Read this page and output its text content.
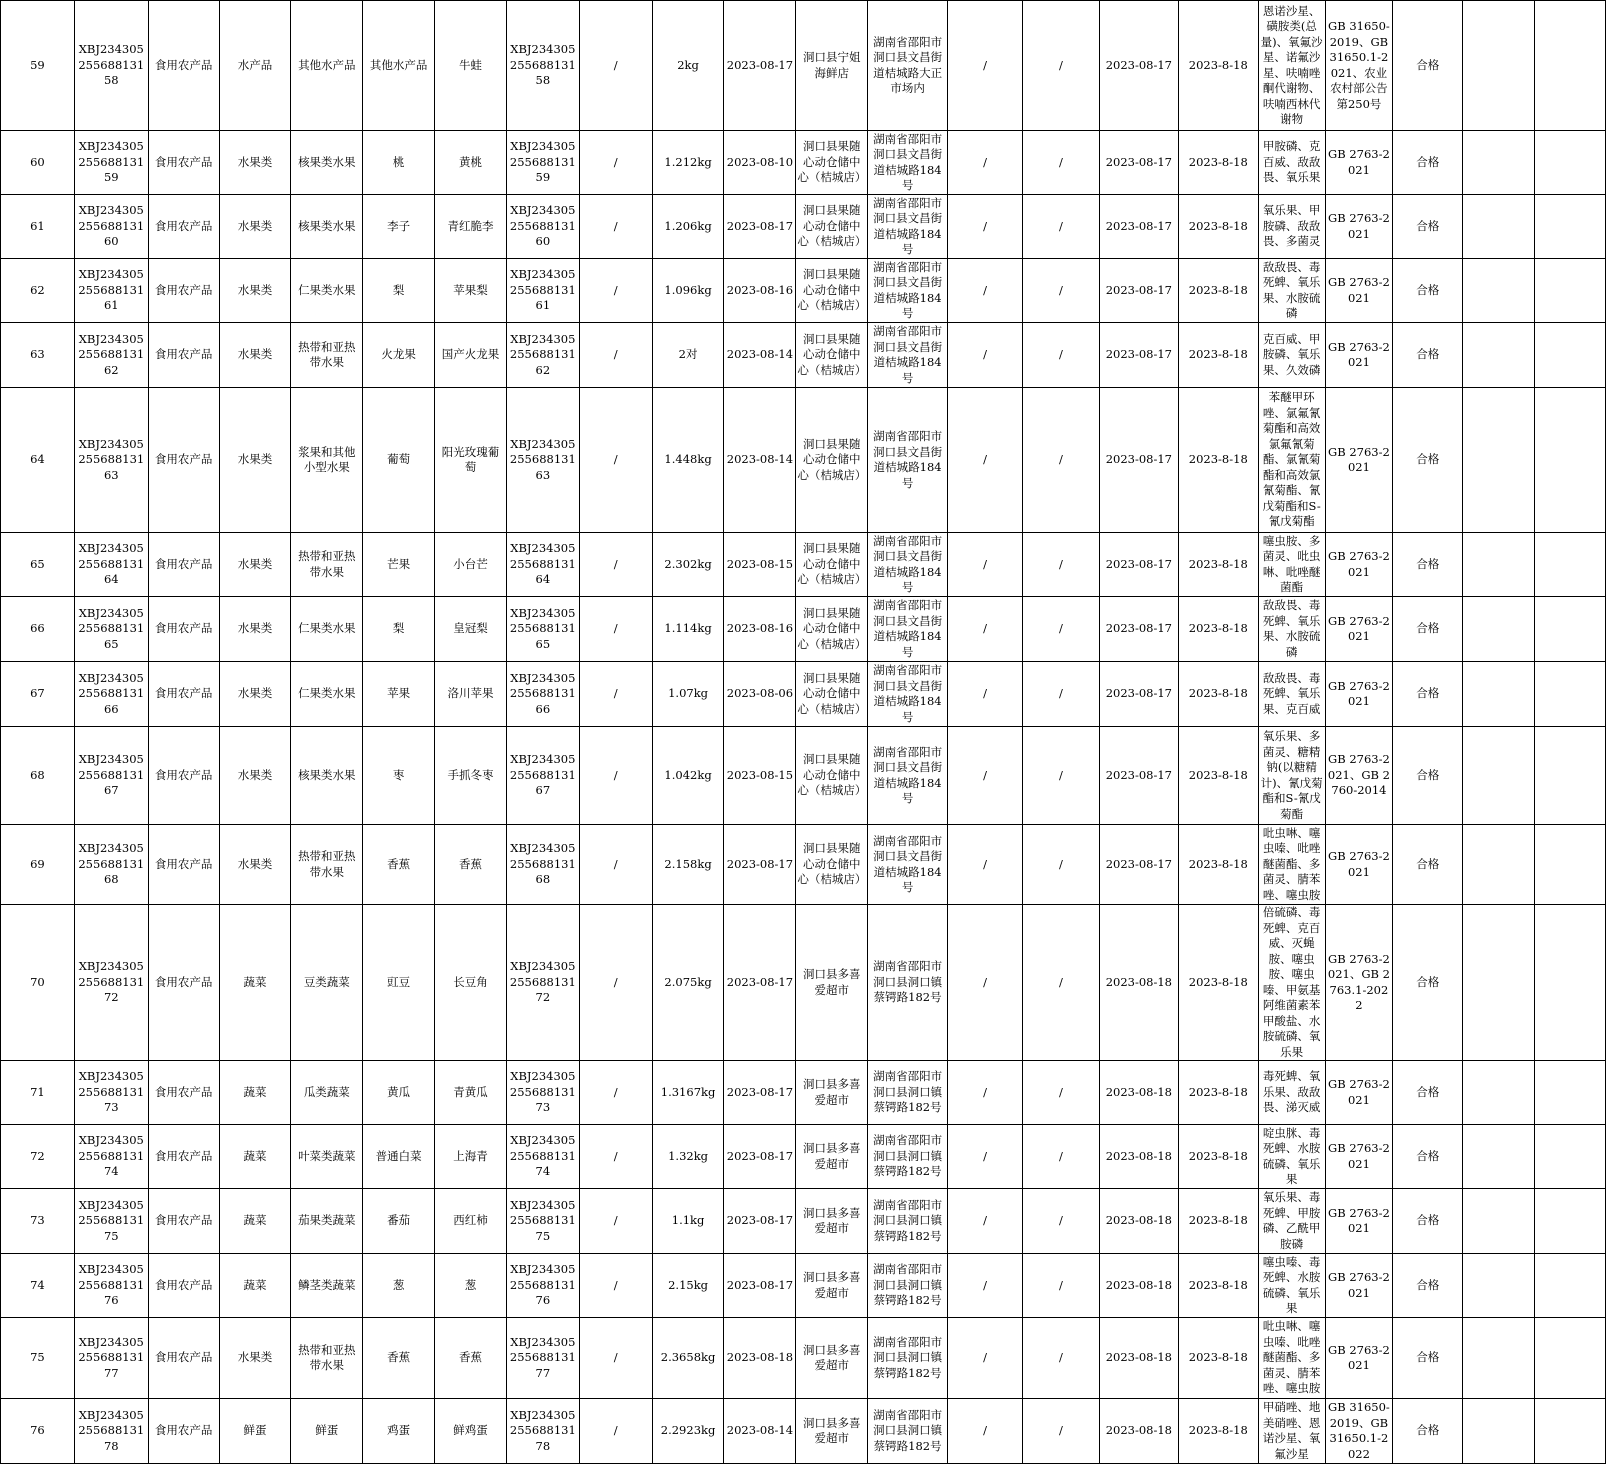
59	XBJ23430525568813158	食用农产品	水产品	其他水产品	其他水产品	牛蛙	XBJ23430525568813158	/	2kg	2023-08-17	洞口县宁姐海鲜店	湖南省邵阳市洞口县文昌街道桔城路大正市场内	/	/	2023-08-17	2023-8-18	恩诺沙星、磺胺类(总量)、氧氟沙星、诺氟沙星、呋喃唑酮代谢物、呋喃西林代谢物	GB 31650-2019、GB 31650.1-2021、农业农村部公告第250号	合格		
60	XBJ23430525568813159	食用农产品	水果类	核果类水果	桃	黄桃	XBJ23430525568813159	/	1.212kg	2023-08-10	洞口县果随心动仓储中心（桔城店）	湖南省邵阳市洞口县文昌街道桔城路184号	/	/	2023-08-17	2023-8-18	甲胺磷、克百威、敌敌畏、氧乐果	GB 2763-2021	合格		
61	XBJ23430525568813160	食用农产品	水果类	核果类水果	李子	青红脆李	XBJ23430525568813160	/	1.206kg	2023-08-17	洞口县果随心动仓储中心（桔城店）	湖南省邵阳市洞口县文昌街道桔城路184号	/	/	2023-08-17	2023-8-18	氧乐果、甲胺磷、敌敌畏、多菌灵	GB 2763-2021	合格		
62	XBJ23430525568813161	食用农产品	水果类	仁果类水果	梨	苹果梨	XBJ23430525568813161	/	1.096kg	2023-08-16	洞口县果随心动仓储中心（桔城店）	湖南省邵阳市洞口县文昌街道桔城路184号	/	/	2023-08-17	2023-8-18	敌敌畏、毒死蜱、氧乐果、水胺硫磷	GB 2763-2021	合格		
63	XBJ23430525568813162	食用农产品	水果类	热带和亚热带水果	火龙果	国产火龙果	XBJ23430525568813162	/	2对	2023-08-14	洞口县果随心动仓储中心（桔城店）	湖南省邵阳市洞口县文昌街道桔城路184号	/	/	2023-08-17	2023-8-18	克百威、甲胺磷、氧乐果、久效磷	GB 2763-2021	合格		
64	XBJ23430525568813163	食用农产品	水果类	浆果和其他小型水果	葡萄	阳光玫瑰葡萄	XBJ23430525568813163	/	1.448kg	2023-08-14	洞口县果随心动仓储中心（桔城店）	湖南省邵阳市洞口县文昌街道桔城路184号	/	/	2023-08-17	2023-8-18	苯醚甲环唑、氯氟氰菊酯和高效氯氟氰菊酯、氯氰菊酯和高效氯氰菊酯、氰戊菊酯和S-氰戊菊酯	GB 2763-2021	合格		
65	XBJ23430525568813164	食用农产品	水果类	热带和亚热带水果	芒果	小台芒	XBJ23430525568813164	/	2.302kg	2023-08-15	洞口县果随心动仓储中心（桔城店）	湖南省邵阳市洞口县文昌街道桔城路184号	/	/	2023-08-17	2023-8-18	噻虫胺、多菌灵、吡虫啉、吡唑醚菌酯	GB 2763-2021	合格		
66	XBJ23430525568813165	食用农产品	水果类	仁果类水果	梨	皇冠梨	XBJ23430525568813165	/	1.114kg	2023-08-16	洞口县果随心动仓储中心（桔城店）	湖南省邵阳市洞口县文昌街道桔城路184号	/	/	2023-08-17	2023-8-18	敌敌畏、毒死蜱、氧乐果、水胺硫磷	GB 2763-2021	合格		
67	XBJ23430525568813166	食用农产品	水果类	仁果类水果	苹果	洛川苹果	XBJ23430525568813166	/	1.07kg	2023-08-06	洞口县果随心动仓储中心（桔城店）	湖南省邵阳市洞口县文昌街道桔城路184号	/	/	2023-08-17	2023-8-18	敌敌畏、毒死蜱、氧乐果、克百威	GB 2763-2021	合格		
68	XBJ23430525568813167	食用农产品	水果类	核果类水果	枣	手抓冬枣	XBJ23430525568813167	/	1.042kg	2023-08-15	洞口县果随心动仓储中心（桔城店）	湖南省邵阳市洞口县文昌街道桔城路184号	/	/	2023-08-17	2023-8-18	氧乐果、多菌灵、糖精钠(以糖精计)、氰戊菊酯和S-氰戊菊酯	GB 2763-2021、GB 2760-2014	合格		
69	XBJ23430525568813168	食用农产品	水果类	热带和亚热带水果	香蕉	香蕉	XBJ23430525568813168	/	2.158kg	2023-08-17	洞口县果随心动仓储中心（桔城店）	湖南省邵阳市洞口县文昌街道桔城路184号	/	/	2023-08-17	2023-8-18	吡虫啉、噻虫嗪、吡唑醚菌酯、多菌灵、腈苯唑、噻虫胺	GB 2763-2021	合格		
70	XBJ23430525568813172	食用农产品	蔬菜	豆类蔬菜	豇豆	长豆角	XBJ23430525568813172	/	2.075kg	2023-08-17	洞口县多喜爱超市	湖南省邵阳市洞口县洞口镇蔡锷路182号	/	/	2023-08-18	2023-8-18	倍硫磷、毒死蜱、克百威、灭蝇胺、噻虫胺、噻虫嗪、甲氨基阿维菌素苯甲酸盐、水胺硫磷、氧乐果	GB 2763-2021、GB 2763.1-2022	合格		
71	XBJ23430525568813173	食用农产品	蔬菜	瓜类蔬菜	黄瓜	青黄瓜	XBJ23430525568813173	/	1.3167kg	2023-08-17	洞口县多喜爱超市	湖南省邵阳市洞口县洞口镇蔡锷路182号	/	/	2023-08-18	2023-8-18	毒死蜱、氧乐果、敌敌畏、涕灭威	GB 2763-2021	合格		
72	XBJ23430525568813174	食用农产品	蔬菜	叶菜类蔬菜	普通白菜	上海青	XBJ23430525568813174	/	1.32kg	2023-08-17	洞口县多喜爱超市	湖南省邵阳市洞口县洞口镇蔡锷路182号	/	/	2023-08-18	2023-8-18	啶虫脒、毒死蜱、水胺硫磷、氧乐果	GB 2763-2021	合格		
73	XBJ23430525568813175	食用农产品	蔬菜	茄果类蔬菜	番茄	西红柿	XBJ23430525568813175	/	1.1kg	2023-08-17	洞口县多喜爱超市	湖南省邵阳市洞口县洞口镇蔡锷路182号	/	/	2023-08-18	2023-8-18	氧乐果、毒死蜱、甲胺磷、乙酰甲胺磷	GB 2763-2021	合格		
74	XBJ23430525568813176	食用农产品	蔬菜	鳞茎类蔬菜	葱	葱	XBJ23430525568813176	/	2.15kg	2023-08-17	洞口县多喜爱超市	湖南省邵阳市洞口县洞口镇蔡锷路182号	/	/	2023-08-18	2023-8-18	噻虫嗪、毒死蜱、水胺硫磷、氧乐果	GB 2763-2021	合格		
75	XBJ23430525568813177	食用农产品	水果类	热带和亚热带水果	香蕉	香蕉	XBJ23430525568813177	/	2.3658kg	2023-08-18	洞口县多喜爱超市	湖南省邵阳市洞口县洞口镇蔡锷路182号	/	/	2023-08-18	2023-8-18	吡虫啉、噻虫嗪、吡唑醚菌酯、多菌灵、腈苯唑、噻虫胺	GB 2763-2021	合格		
76	XBJ23430525568813178	食用农产品	鲜蛋	鲜蛋	鸡蛋	鲜鸡蛋	XBJ23430525568813178	/	2.2923kg	2023-08-14	洞口县多喜爱超市	湖南省邵阳市洞口县洞口镇蔡锷路182号	/	/	2023-08-18	2023-8-18	甲硝唑、地美硝唑、恩诺沙星、氧氟沙星	GB 31650-2019、GB 31650.1-2022	合格		
